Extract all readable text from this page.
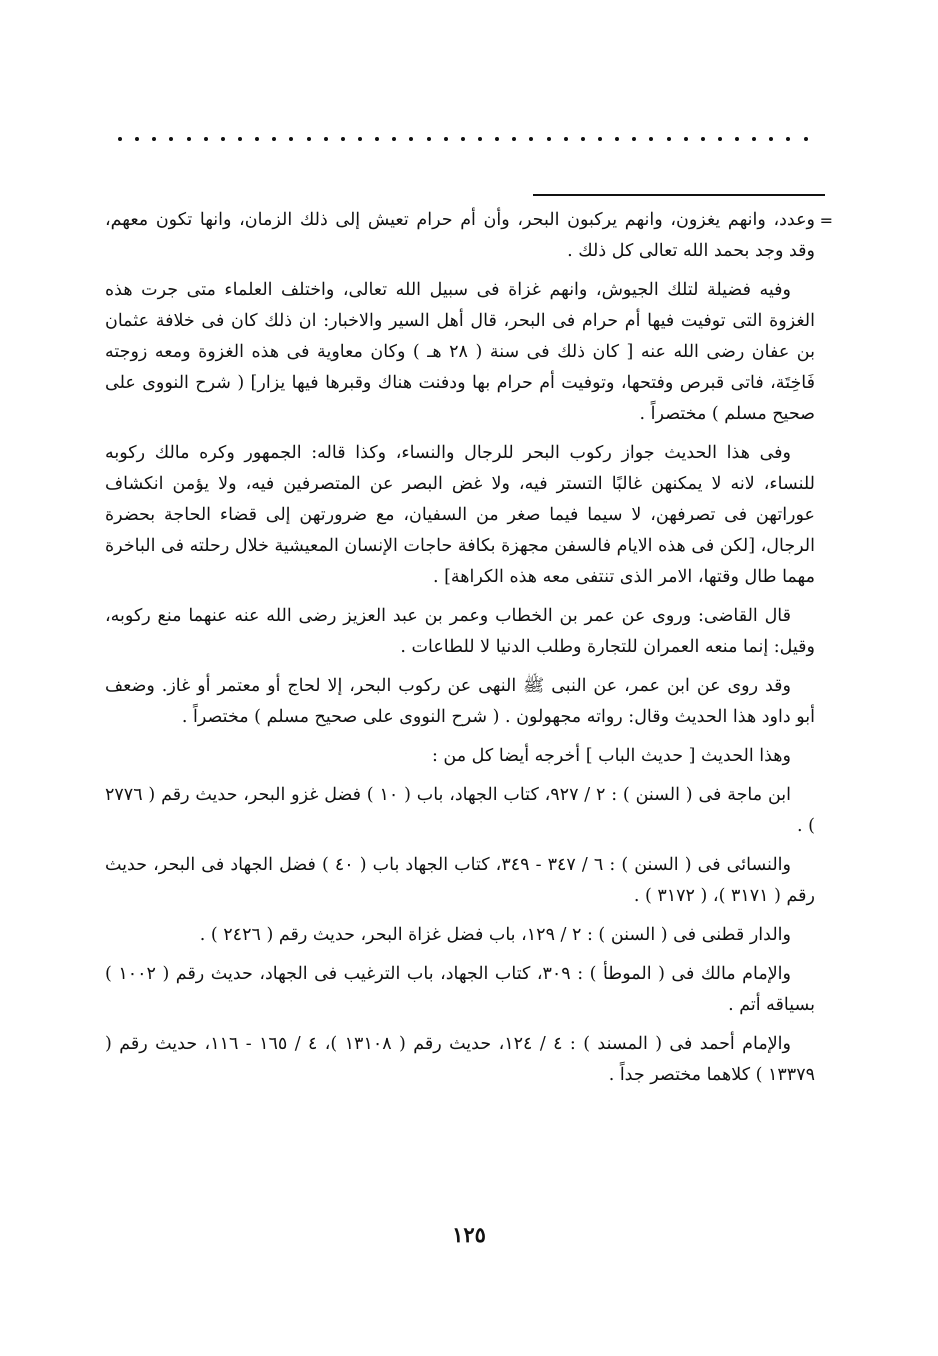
=
وعدد، وانهم يغزون، وانهم يركبون البحر، وأن أم حرام تعيش إلى ذلك الزمان، وانها تكون معهم، وقد وجد بحمد الله تعالى كل ذلك .

وفيه فضيلة لتلك الجيوش، وانهم غزاة فى سبيل الله تعالى، واختلف العلماء متى جرت هذه الغزوة التى توفيت فيها أم حرام فى البحر، قال أهل السير والاخبار: ان ذلك كان فى خلافة عثمان بن عفان رضى الله عنه [ كان ذلك فى سنة ( ٢٨ هـ ) وكان معاوية فى هذه الغزوة ومعه زوجته فَاخِتَة، فاتى قبرص وفتحها، وتوفيت أم حرام بها ودفنت هناك وقبرها فيها يزار] ( شرح النووى على صحيح مسلم ) مختصراً .

وفى هذا الحديث جواز ركوب البحر للرجال والنساء، وكذا قاله: الجمهور وكره مالك ركوبه للنساء، لانه لا يمكنهن غالبًا التستر فيه، ولا غض البصر عن المتصرفين فيه، ولا يؤمن انكشاف عوراتهن فى تصرفهن، لا سيما فيما صغر من السفيان، مع ضرورتهن إلى قضاء الحاجة بحضرة الرجال، [لكن فى هذه الايام فالسفن مجهزة بكافة حاجات الإنسان المعيشية خلال رحلته فى الباخرة مهما طال وقتها، الامر الذى تنتفى معه هذه الكراهة] .

قال القاضى: وروى عن عمر بن الخطاب وعمر بن عبد العزيز رضى الله عنه عنهما منع ركوبه، وقيل: إنما منعه العمران للتجارة وطلب الدنيا لا للطاعات .

وقد روى عن ابن عمر، عن النبى ﷺ النهى عن ركوب البحر، إلا لحاج أو معتمر أو غاز. وضعف أبو داود هذا الحديث وقال: رواته مجهولون . ( شرح النووى على صحيح مسلم ) مختصراً .

وهذا الحديث [ حديث الباب ] أخرجه أيضا كل من :

ابن ماجة فى ( السنن ) : ٢ / ٩٢٧، كتاب الجهاد، باب ( ١٠ ) فضل غزو البحر، حديث رقم ( ٢٧٧٦ ) .

والنسائى فى ( السنن ) : ٦ / ٣٤٧ - ٣٤٩، كتاب الجهاد باب ( ٤٠ ) فضل الجهاد فى البحر، حديث رقم ( ٣١٧١ )، ( ٣١٧٢ ) .

والدار قطنى فى ( السنن ) : ٢ / ١٢٩، باب فضل غزاة البحر، حديث رقم ( ٢٤٢٦ ) .

والإمام مالك فى ( الموطأ ) : ٣٠٩، كتاب الجهاد، باب الترغيب فى الجهاد، حديث رقم ( ١٠٠٢ ) بسياقه أتم .

والإمام أحمد فى ( المسند ) : ٤ / ١٢٤، حديث رقم ( ١٣١٠٨ )، ٤ / ١٦٥ - ١١٦، حديث رقم ( ١٣٣٧٩ ) كلاهما مختصر جداً .

١٢٥
